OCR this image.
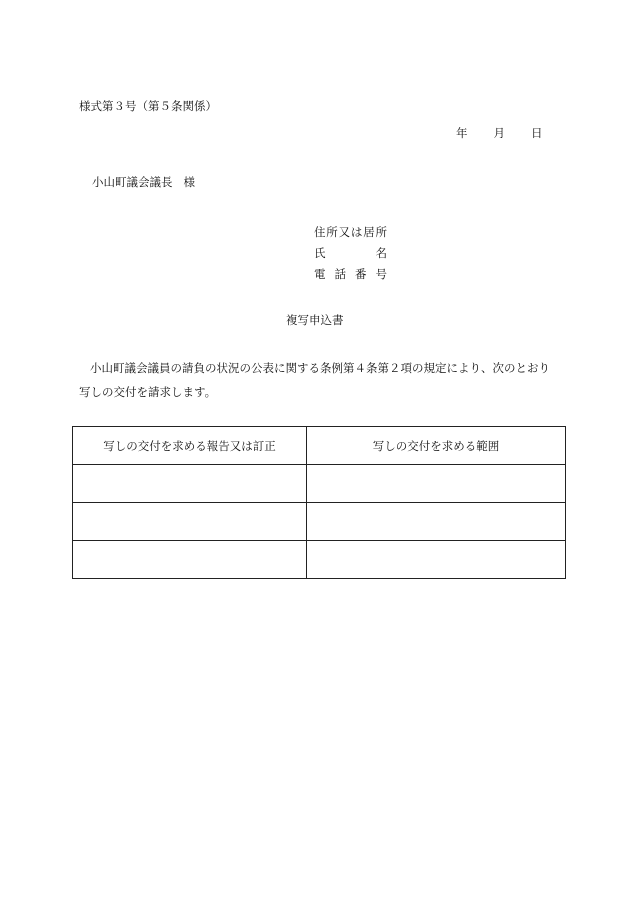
様式第３号（第５条関係）
年 月 日
小山町議会議長 様
住 所 又 は 居 所
氏	名
電 話 番 号
複写申込書
小山町議会議員の請負の状況の公表に関する条例第４条第２項の規定により、次のとおり写しの交付を請求します。
写しの交付を求める報告又は訂正	写しの交付を求める範囲
